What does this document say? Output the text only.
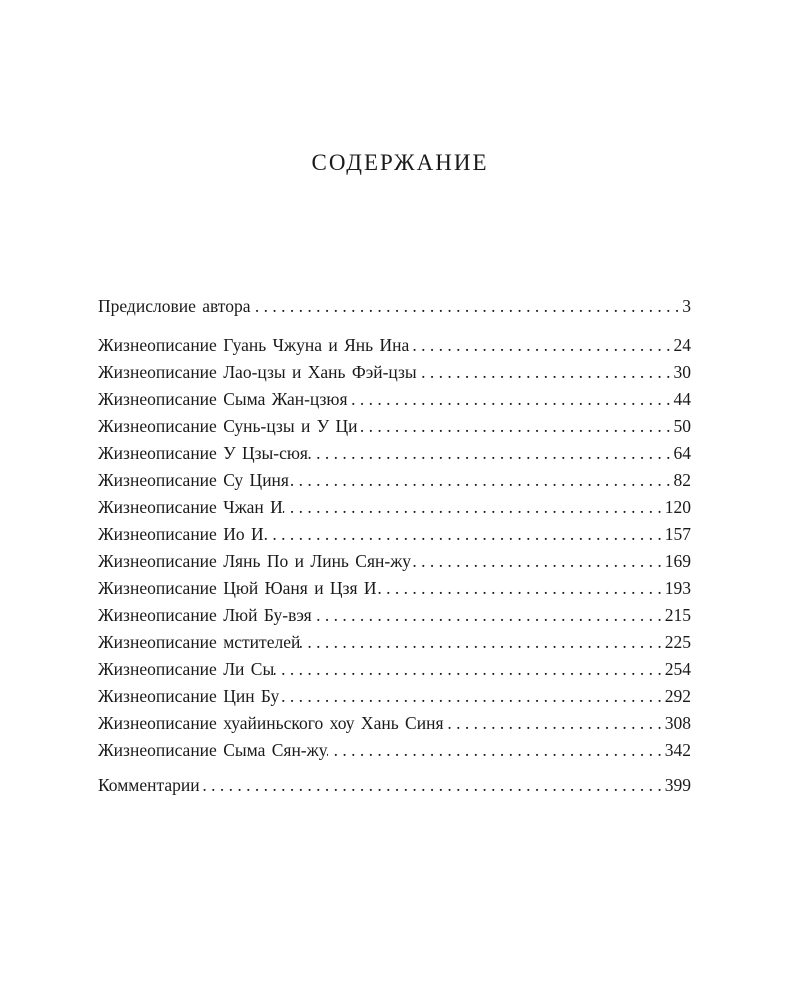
СОДЕРЖАНИЕ
Предисловие автора . . .	3
Жизнеописание Гуань Чжуна и Янь Ина . . .	24
Жизнеописание Лао-цзы и Хань Фэй-цзы . . .	30
Жизнеописание Сыма Жан-цзюя . . .	44
Жизнеописание Сунь-цзы и У Ци . . .	50
Жизнеописание У Цзы-сюя . . .	64
Жизнеописание Су Циня . . .	82
Жизнеописание Чжан И . . .	120
Жизнеописание Ио И . . .	157
Жизнеописание Лянь По и Линь Сян-жу . . .	169
Жизнеописание Цюй Юаня и Цзя И . . .	193
Жизнеописание Люй Бу-вэя . . .	215
Жизнеописание мстителей . . .	225
Жизнеописание Ли Сы . . .	254
Жизнеописание Цин Бу . . .	292
Жизнеописание хуайиньского хоу Хань Синя . . .	308
Жизнеописание Сыма Сян-жу . . .	342
Комментарии . . .	399
